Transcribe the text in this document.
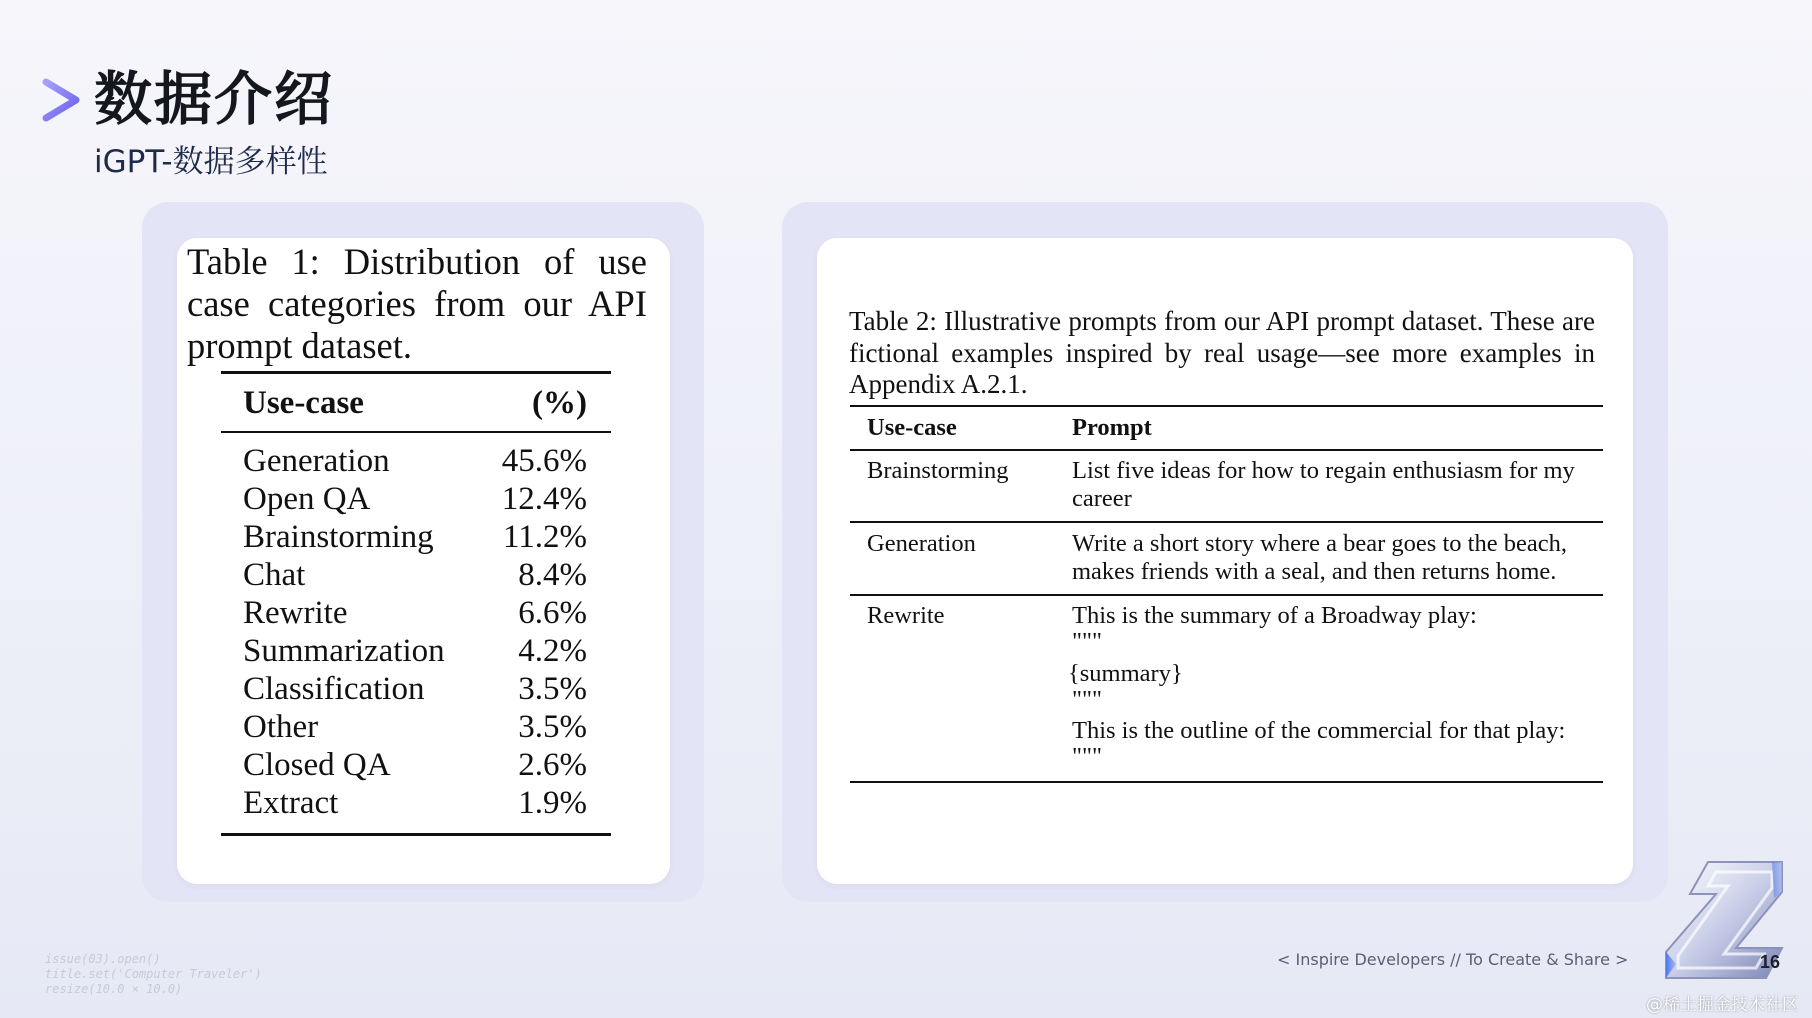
数据介绍
iGPT-数据多样性
Table 1: Distribution of use case categories from our API prompt dataset.
Use-case	(%)
Generation	45.6%
Open QA	12.4%
Brainstorming 11.2%
Chat	8.4%
Rewrite	6.6%
Summarization 4.2%
Classification	3.5%
Other	3.5%
Closed QA	2.6%
Extract	1.9%
Table 2: Illustrative prompts from our API prompt dataset. These are fictional examples inspired by real usage—see more examples in Appendix A.2.1.
Use-case	Prompt
Brainstorming	List five ideas for how to regain enthusiasm for my career
Generation	Write a short story where a bear goes to the beach, makes friends with a seal, and then returns home.
Rewrite	This is the summary of a Broadway play:
"""
{summary}
"""
This is the outline of the commercial for that play:
"""
issue(03).open()
title.set('Computer Traveler')
resize(10.0 × 10.0)
< Inspire Developers // To Create & Share >	16
@稀土掘金技术社区
